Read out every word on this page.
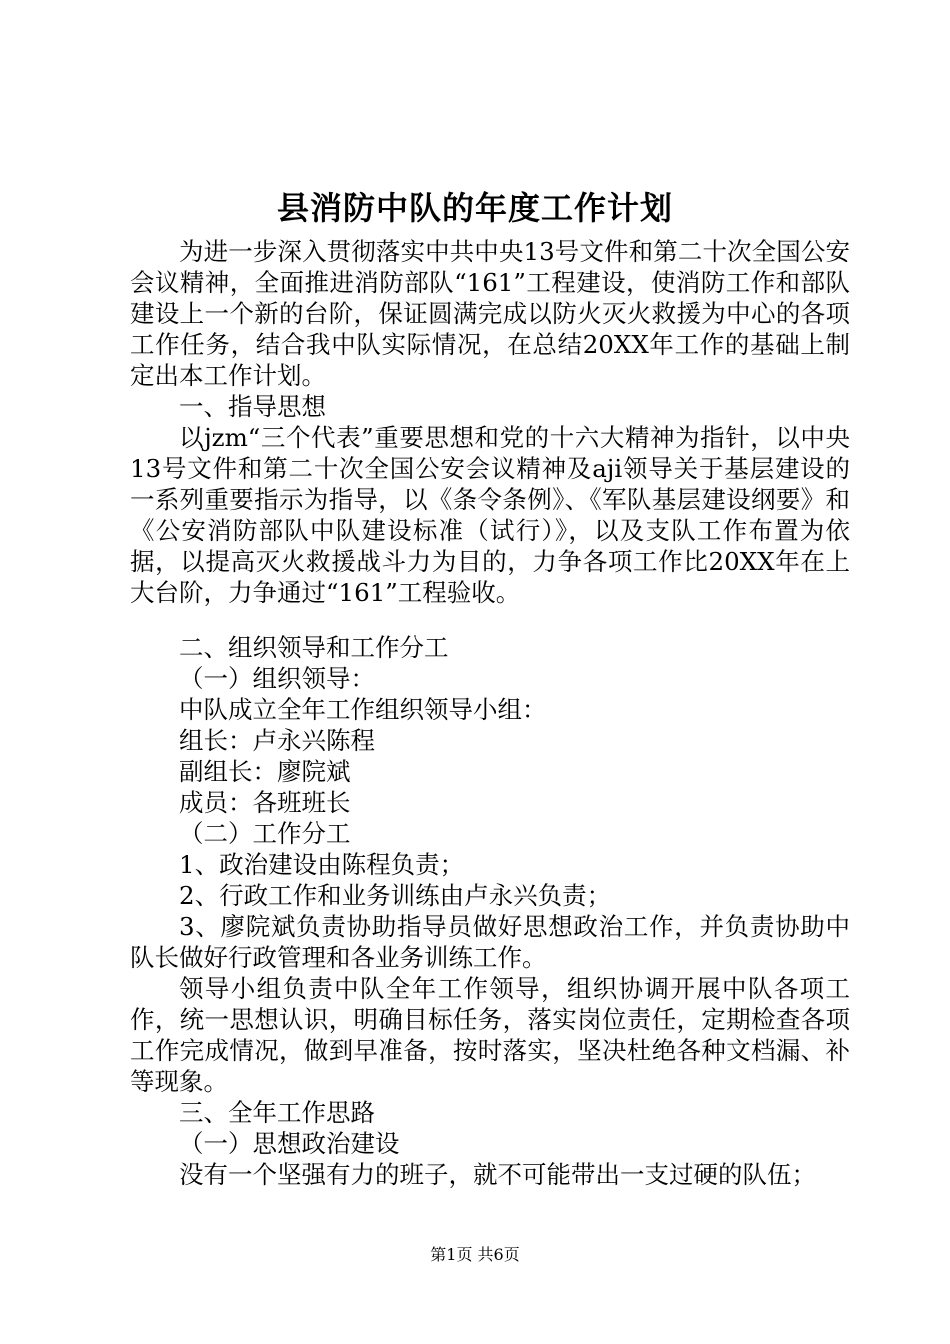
县消防中队的年度工作计划

为进一步深入贯彻落实中共中央13号文件和第二十次全国公安会议精神，全面推进消防部队“161”工程建设，使消防工作和部队建设上一个新的台阶，保证圆满完成以防火灭火救援为中心的各项工作任务，结合我中队实际情况，在总结20XX年工作的基础上制定出本工作计划。

一、指导思想

以jzm“三个代表”重要思想和党的十六大精神为指针，以中央13号文件和第二十次全国公安会议精神及aji领导关于基层建设的一系列重要指示为指导，以《条令条例》、《军队基层建设纲要》和《公安消防部队中队建设标准（试行）》，以及支队工作布置为依据，以提高灭火救援战斗力为目的，力争各项工作比20XX年在上大台阶，力争通过“161”工程验收。

二、组织领导和工作分工

（一）组织领导：

中队成立全年工作组织领导小组：

组长：卢永兴陈程

副组长：廖院斌

成员：各班班长

（二）工作分工

1、政治建设由陈程负责；

2、行政工作和业务训练由卢永兴负责；

3、廖院斌负责协助指导员做好思想政治工作，并负责协助中队长做好行政管理和各业务训练工作。

领导小组负责中队全年工作领导，组织协调开展中队各项工作，统一思想认识，明确目标任务，落实岗位责任，定期检查各项工作完成情况，做到早准备，按时落实，坚决杜绝各种文档漏、补等现象。

三、全年工作思路

（一）思想政治建设

没有一个坚强有力的班子，就不可能带出一支过硬的队伍；

第1页 共6页
